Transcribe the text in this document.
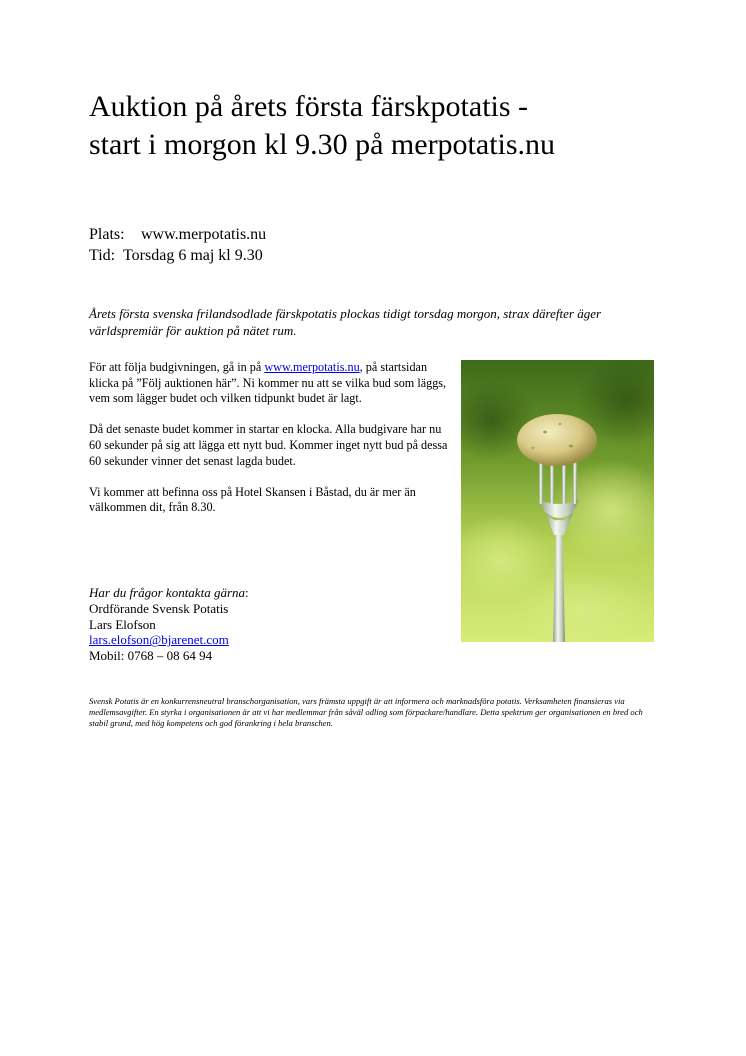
Auktion på årets första färskpotatis -
start i morgon kl 9.30 på merpotatis.nu
Plats: www.merpotatis.nu
Tid: Torsdag 6 maj kl 9.30
Årets första svenska frilandsodlade färskpotatis plockas tidigt torsdag morgon, strax därefter äger världspremiär för auktion på nätet rum.

För att följa budgivningen, gå in på www.merpotatis.nu, på startsidan klicka på ”Följ auktionen här”. Ni kommer nu att se vilka bud som läggs, vem som lägger budet och vilken tidpunkt budet är lagt.

Då det senaste budet kommer in startar en klocka. Alla budgivare har nu 60 sekunder på sig att lägga ett nytt bud. Kommer inget nytt bud på dessa 60 sekunder vinner det senast lagda budet.

Vi kommer att befinna oss på Hotel Skansen i Båstad, du är mer än välkommen dit, från 8.30.

Har du frågor kontakta gärna:
Ordförande Svensk Potatis
Lars Elofson
lars.elofson@bjarenet.com
Mobil: 0768 – 08 64 94
Svensk Potatis är en konkurrensneutral branschorganisation, vars främsta uppgift är att informera och marknadsföra potatis. Verksamheten finansieras via medlemsavgifter. En styrka i organisationen är att vi har medlemmar från såväl odling som förpackare/handlare. Detta spektrum ger organisationen en bred och stabil grund, med hög kompetens och god förankring i hela branschen.
